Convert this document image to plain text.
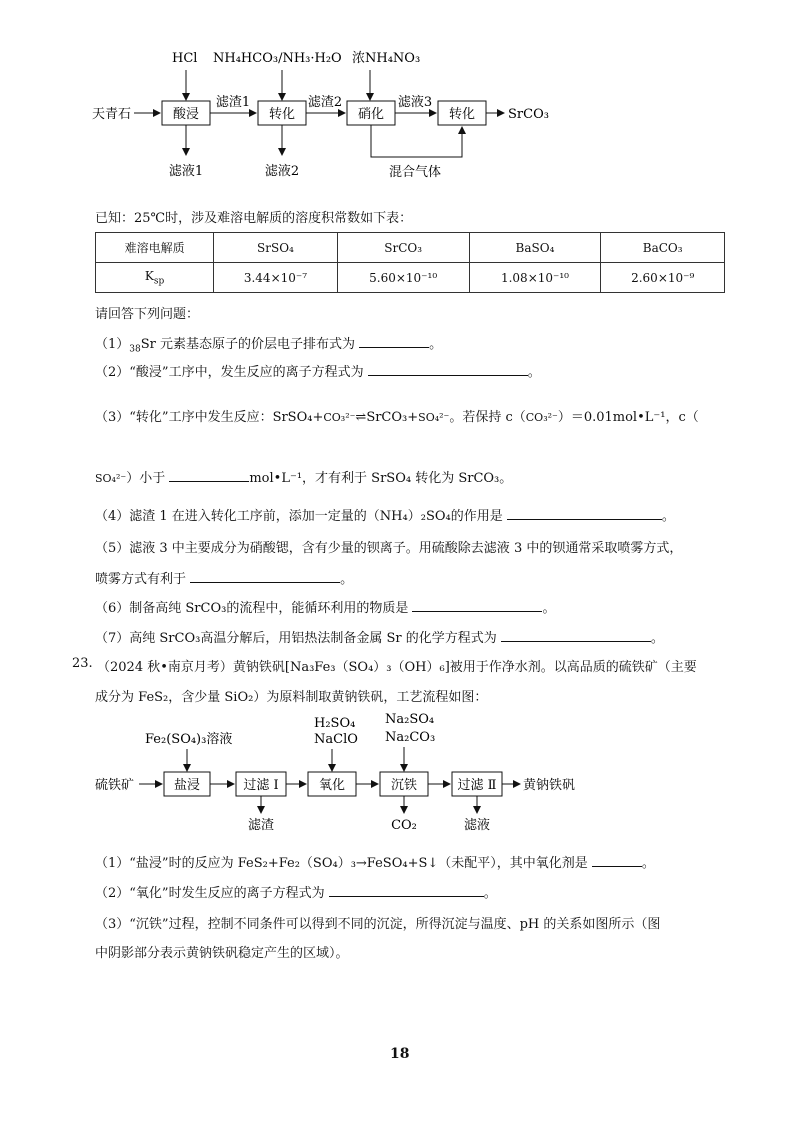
HCl NH₄HCO₃/NH₃·H₂O 浓NH₄NO₃
天青石	酸浸	转化	硝化	转化
滤渣1	滤渣2	滤液3
SrCO₃
滤液1	滤液2	混合气体
已知：25℃时，涉及难溶电解质的溶度积常数如下表：
难溶电解质	SrSO₄	SrCO₃	BaSO₄	BaCO₃
$K_{sp}$	3.44×10⁻⁷	5.60×10⁻¹⁰	1.08×10⁻¹⁰	2.60×10⁻⁹
请回答下列问题：
$(1)_{38}Sr$ 元素基态原子的价层电子排布式为	。
（2）“酸浸”工序中，发生反应的离子方程式为	。
（3）“转化”工序中发生反应：SrSO₄+CO₃²⁻⇌SrCO₃+SO₄²⁻。若保持 c（CO₃²⁻）＝0.01mol•L⁻¹，c（
SO₄²⁻）小于	mol•L⁻¹，才有利于 SrSO₄ 转化为 SrCO₃。
（4）滤渣 1 在进入转化工序前，添加一定量的（NH₄）₂SO₄的作用是	。
（5）滤液 3 中主要成分为硝酸锶，含有少量的钡离子。用硫酸除去滤液 3 中的钡通常采取喷雾方式，
喷雾方式有利于	。
（6）制备高纯 SrCO₃的流程中，能循环利用的物质是	。
（7）高纯 SrCO₃高温分解后，用铝热法制备金属 Sr 的化学方程式为	。
23. （2024 秋•南京月考）黄钠铁矾[Na₃Fe₃（SO₄）₃（OH）₆]被用于作净水剂。以高品质的硫铁矿（主要
成分为 FeS₂，含少量 SiO₂）为原料制取黄钠铁矾，工艺流程如图：
Fe₂(SO₄)₃溶液
H₂SO₄
NaClO
Na₂SO₄
Na₂CO₃
硫铁矿	盐浸	过滤 Ⅰ	氧化	沉铁	过滤 Ⅱ 黄钠铁矾
滤渣	CO₂	滤液
（1）“盐浸”时的反应为 FeS₂+Fe₂（SO₄）₃→FeSO₄+S↓（未配平），其中氧化剂是	。
（2）“氧化”时发生反应的离子方程式为	。
（3）“沉铁”过程，控制不同条件可以得到不同的沉淀，所得沉淀与温度、pH 的关系如图所示（图
中阴影部分表示黄钠铁矾稳定产生的区域）。
18
